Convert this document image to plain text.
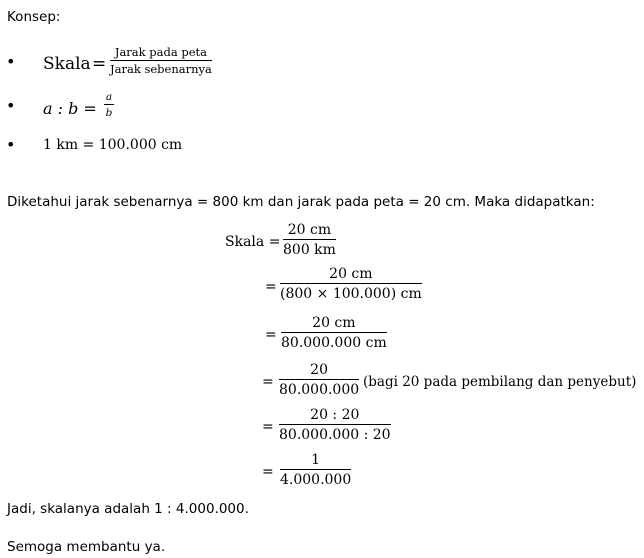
Konsep:
• Skala =
Jarak pada peta
Jarak sebenarnya
• a : b =
a
b
• 1 km = 100.000 cm
Diketahui jarak sebenarnya = 800 km dan jarak pada peta = 20 cm. Maka didapatkan:
Skala =
20 cm
800 km
=
20 cm
(800 × 100.000) cm
=
20 cm
80.000.000 cm
=
20
80.000.000
(bagi 20 pada pembilang dan penyebut)
=
20 : 20
80.000.000 : 20
=
1
4.000.000
Jadi, skalanya adalah 1 : 4.000.000.
Semoga membantu ya.
